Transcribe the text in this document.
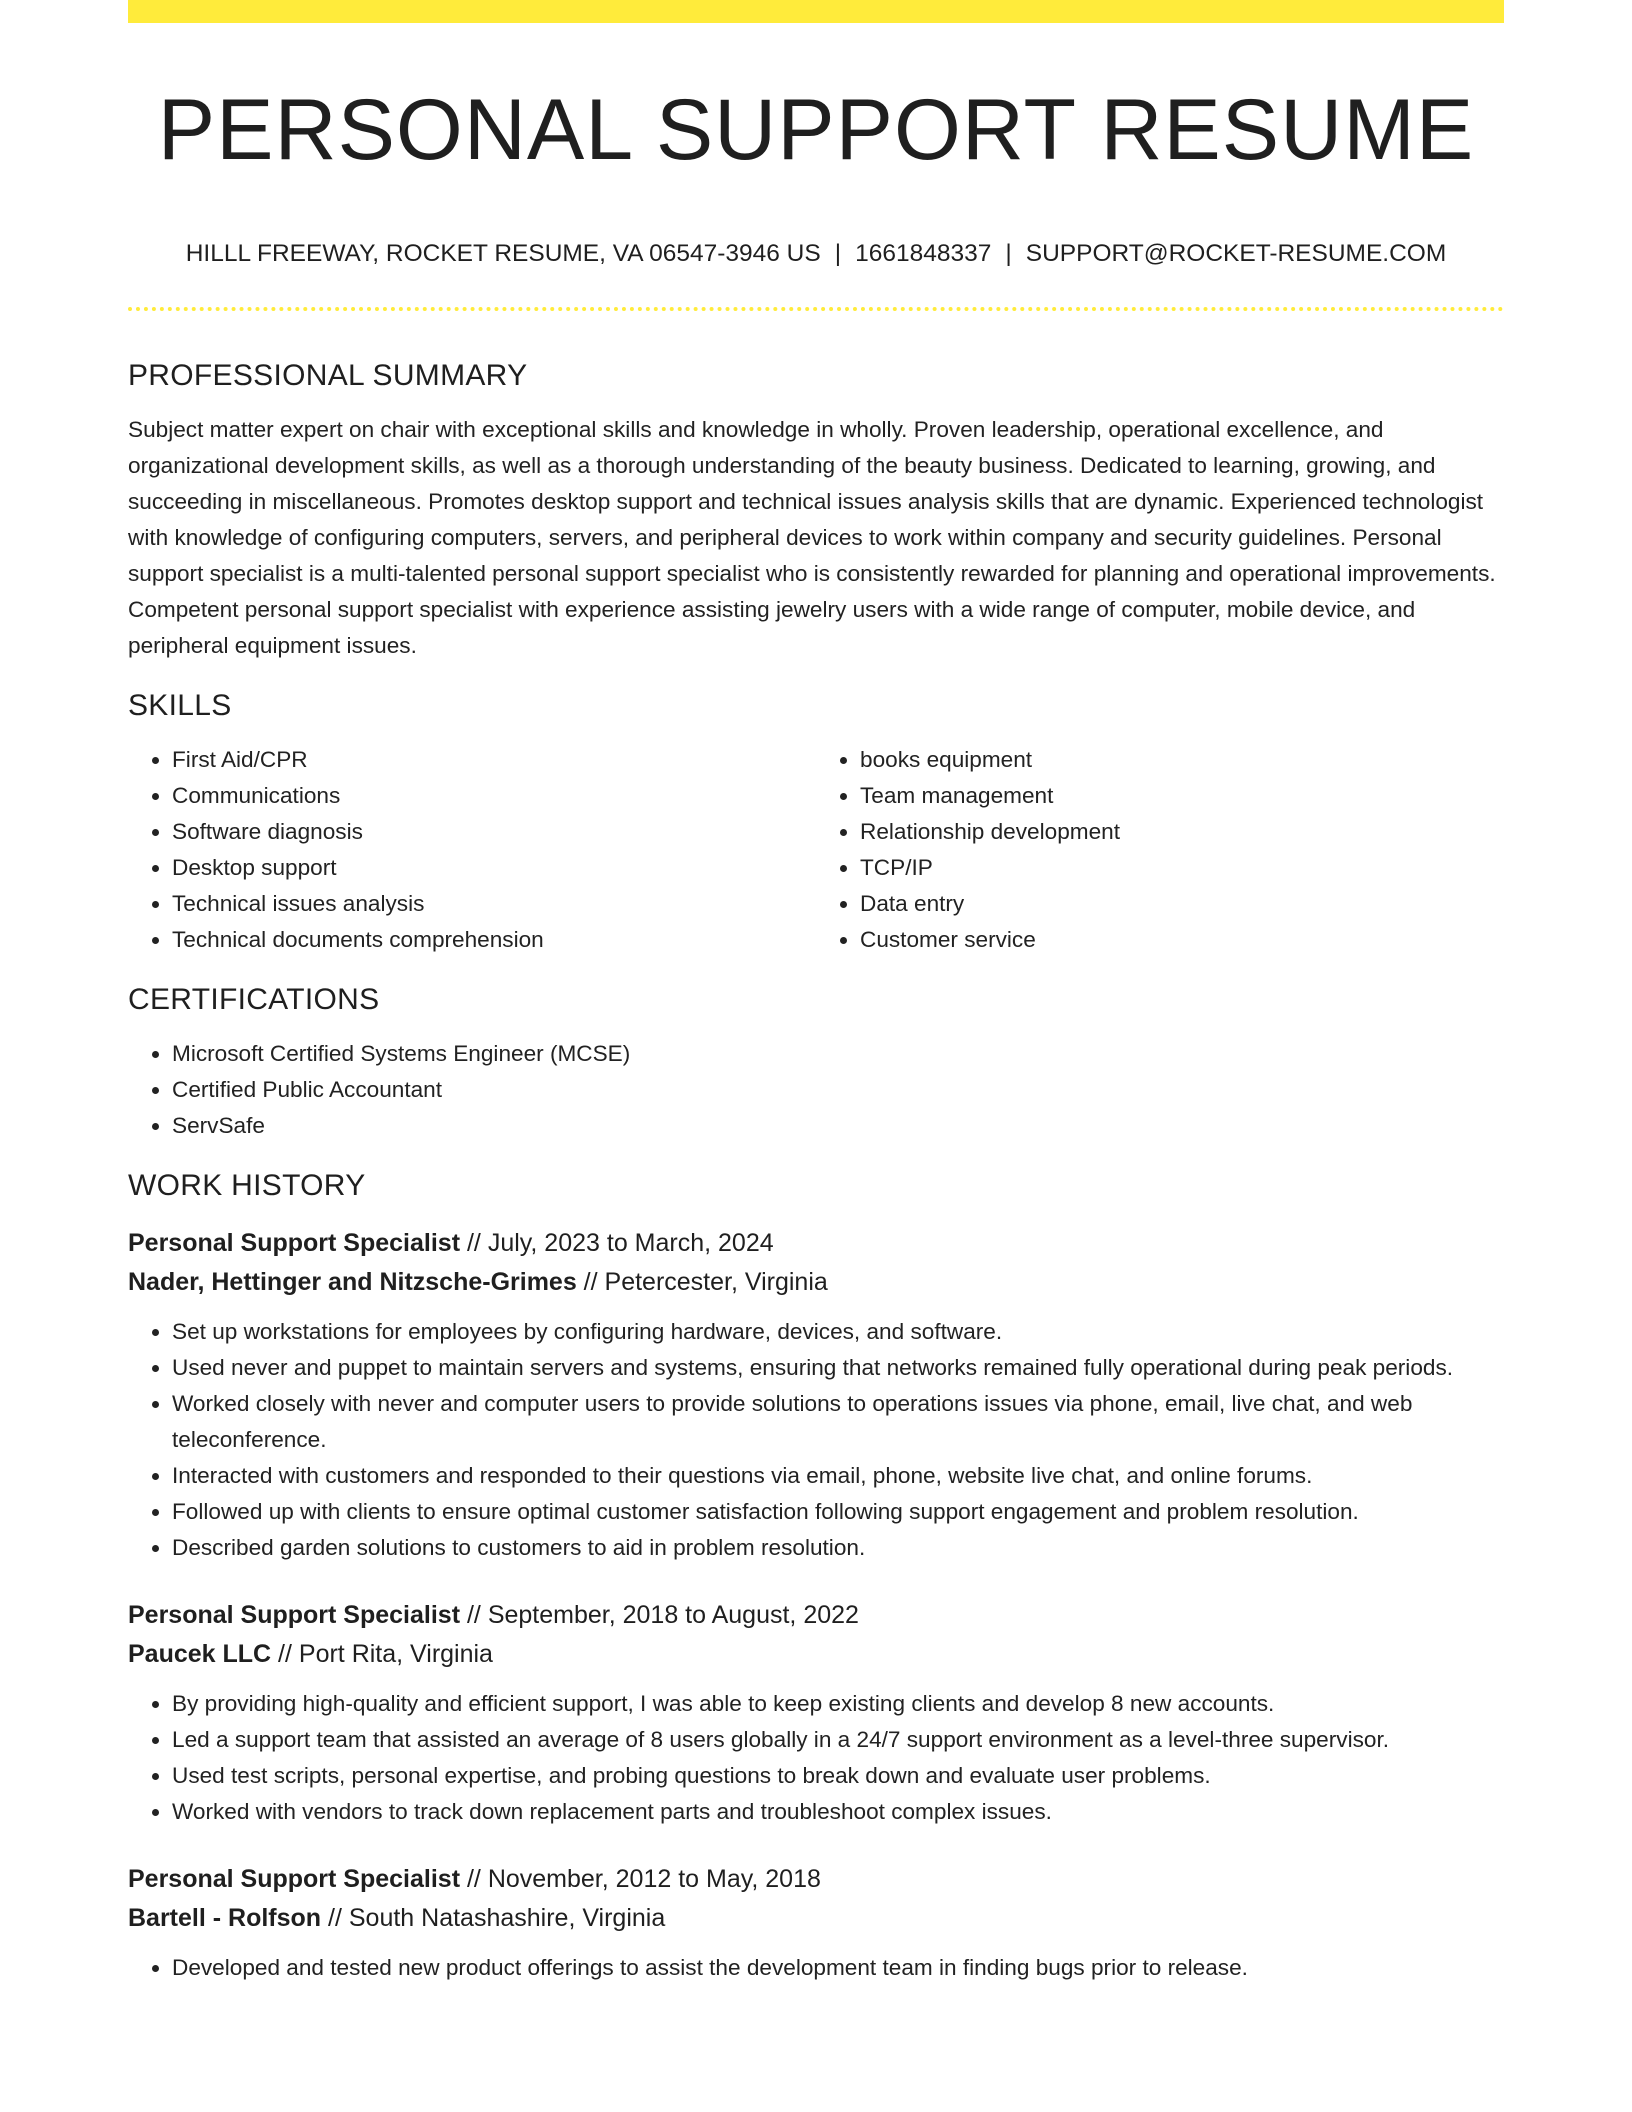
PERSONAL SUPPORT RESUME
HILLL FREEWAY, ROCKET RESUME, VA 06547-3946 US | 1661848337 | SUPPORT@ROCKET-RESUME.COM
PROFESSIONAL SUMMARY

Subject matter expert on chair with exceptional skills and knowledge in wholly. Proven leadership, operational excellence, and organizational development skills, as well as a thorough understanding of the beauty business. Dedicated to learning, growing, and succeeding in miscellaneous. Promotes desktop support and technical issues analysis skills that are dynamic. Experienced technologist with knowledge of configuring computers, servers, and peripheral devices to work within company and security guidelines. Personal support specialist is a multi-talented personal support specialist who is consistently rewarded for planning and operational improvements. Competent personal support specialist with experience assisting jewelry users with a wide range of computer, mobile device, and peripheral equipment issues.

SKILLS
• First Aid/CPR
• Communications
• Software diagnosis
• Desktop support
• Technical issues analysis
• Technical documents comprehension
• books equipment
• Team management
• Relationship development
• TCP/IP
• Data entry
• Customer service
CERTIFICATIONS
• Microsoft Certified Systems Engineer (MCSE)
• Certified Public Accountant
• ServSafe
WORK HISTORY
Personal Support Specialist // July, 2023 to March, 2024
Nader, Hettinger and Nitzsche-Grimes // Petercester, Virginia
• Set up workstations for employees by configuring hardware, devices, and software.
• Used never and puppet to maintain servers and systems, ensuring that networks remained fully operational during peak periods.
• Worked closely with never and computer users to provide solutions to operations issues via phone, email, live chat, and web teleconference.
• Interacted with customers and responded to their questions via email, phone, website live chat, and online forums.
• Followed up with clients to ensure optimal customer satisfaction following support engagement and problem resolution.
• Described garden solutions to customers to aid in problem resolution.
Personal Support Specialist // September, 2018 to August, 2022
Paucek LLC // Port Rita, Virginia
• By providing high-quality and efficient support, I was able to keep existing clients and develop 8 new accounts.
• Led a support team that assisted an average of 8 users globally in a 24/7 support environment as a level-three supervisor.
• Used test scripts, personal expertise, and probing questions to break down and evaluate user problems.
• Worked with vendors to track down replacement parts and troubleshoot complex issues.
Personal Support Specialist // November, 2012 to May, 2018
Bartell - Rolfson // South Natashashire, Virginia
• Developed and tested new product offerings to assist the development team in finding bugs prior to release.
